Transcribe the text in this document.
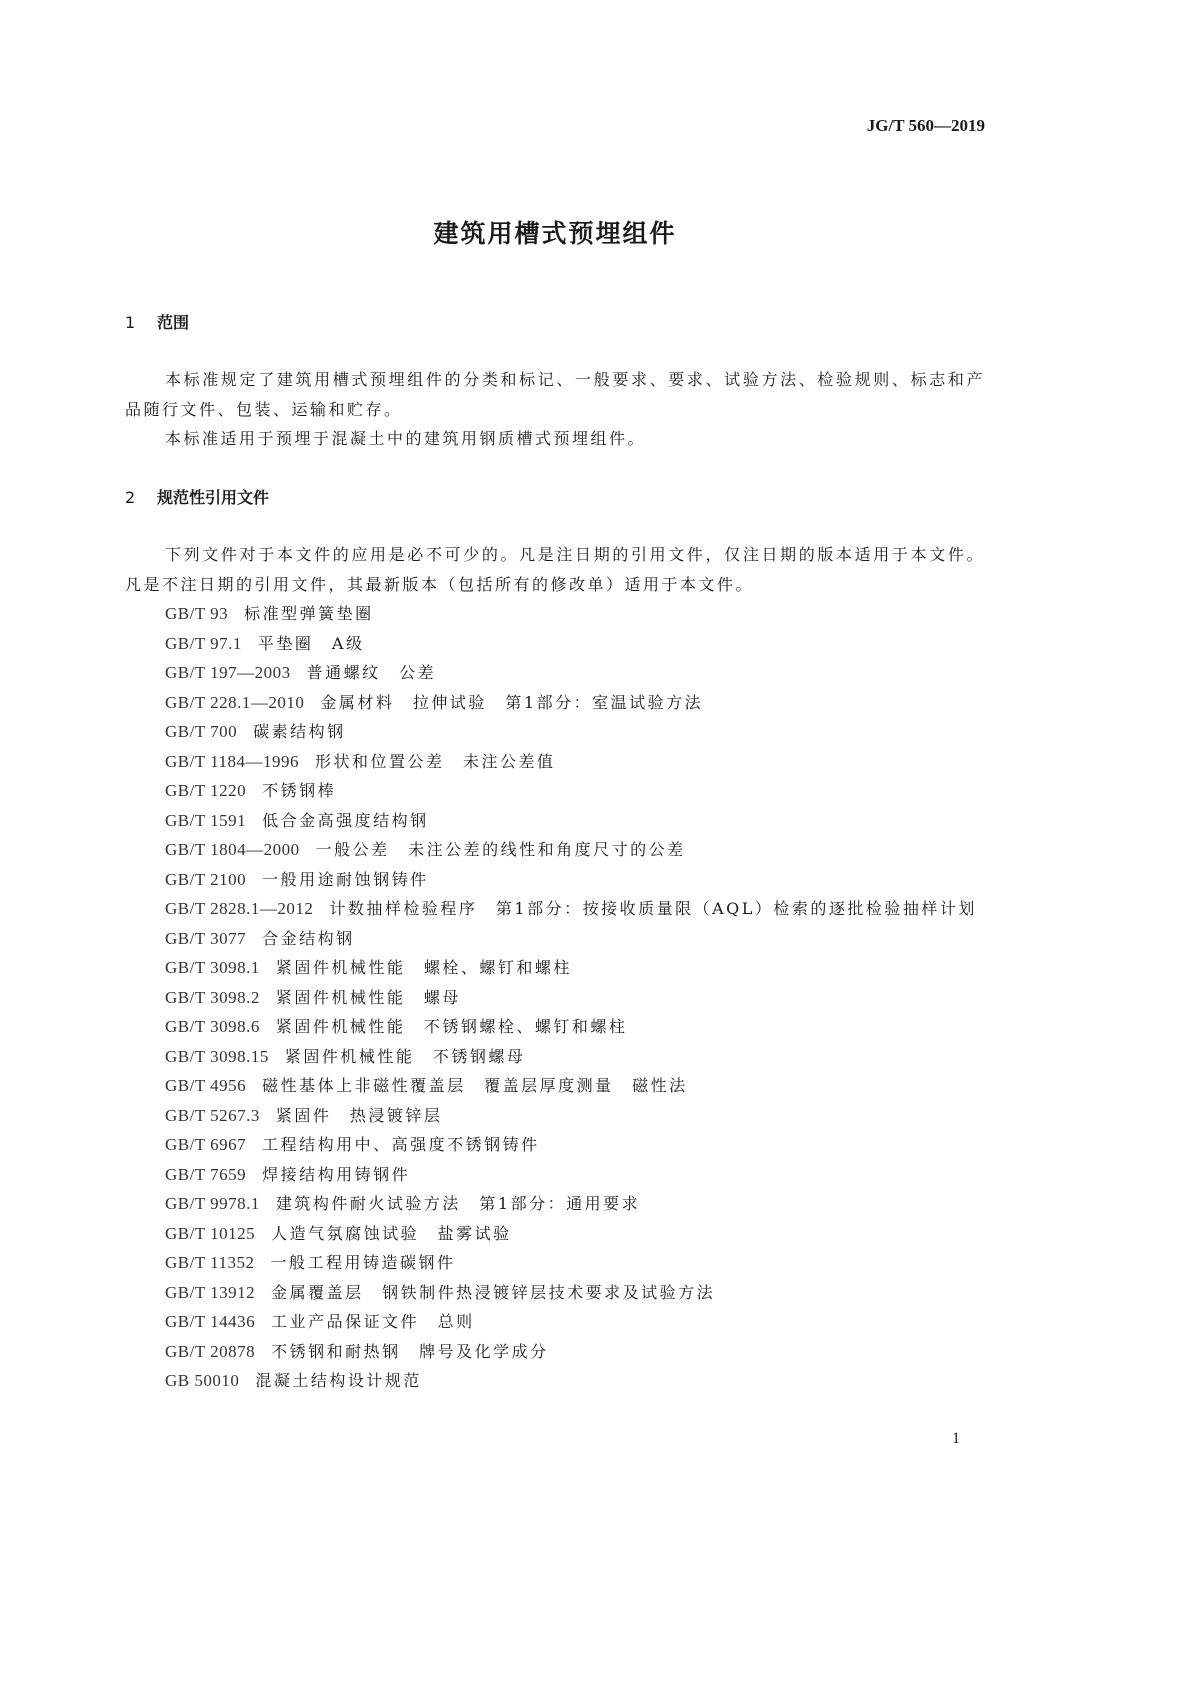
JG/T 560—2019
建筑用槽式预埋组件
1 范围

本标准规定了建筑用槽式预埋组件的分类和标记、一般要求、要求、试验方法、检验规则、标志和产品随行文件、包装、运输和贮存。

本标准适用于预埋于混凝土中的建筑用钢质槽式预埋组件。

2 规范性引用文件

下列文件对于本文件的应用是必不可少的。凡是注日期的引用文件，仅注日期的版本适用于本文件。凡是不注日期的引用文件，其最新版本（包括所有的修改单）适用于本文件。

GB/T 93 标准型弹簧垫圈

GB/T 97.1 平垫圈　A级

GB/T 197—2003 普通螺纹　公差

GB/T 228.1—2010 金属材料　拉伸试验　第1部分：室温试验方法

GB/T 700 碳素结构钢

GB/T 1184—1996 形状和位置公差　未注公差值

GB/T 1220 不锈钢棒

GB/T 1591 低合金高强度结构钢

GB/T 1804—2000 一般公差　未注公差的线性和角度尺寸的公差

GB/T 2100 一般用途耐蚀钢铸件

GB/T 2828.1—2012 计数抽样检验程序　第1部分：按接收质量限（AQL）检索的逐批检验抽样计划

GB/T 3077 合金结构钢

GB/T 3098.1 紧固件机械性能　螺栓、螺钉和螺柱

GB/T 3098.2 紧固件机械性能　螺母

GB/T 3098.6 紧固件机械性能　不锈钢螺栓、螺钉和螺柱

GB/T 3098.15 紧固件机械性能　不锈钢螺母

GB/T 4956 磁性基体上非磁性覆盖层　覆盖层厚度测量　磁性法

GB/T 5267.3 紧固件　热浸镀锌层

GB/T 6967 工程结构用中、高强度不锈钢铸件

GB/T 7659 焊接结构用铸钢件

GB/T 9978.1 建筑构件耐火试验方法　第1部分：通用要求

GB/T 10125 人造气氛腐蚀试验　盐雾试验

GB/T 11352 一般工程用铸造碳钢件

GB/T 13912 金属覆盖层　钢铁制件热浸镀锌层技术要求及试验方法

GB/T 14436 工业产品保证文件　总则

GB/T 20878 不锈钢和耐热钢　牌号及化学成分

GB 50010 混凝土结构设计规范

1
